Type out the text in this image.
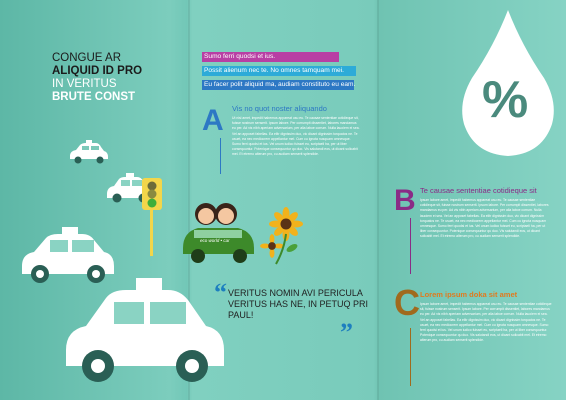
CONGUE AR
ALIQUID ID PRO
IN VERITUS
BRUTE CONST
Sumo ferri quodsi et ius.
Possit alienum nec te. No omnes tamquam mei.
Eu facer polit aliquid ma, audiam constituto eu eam.
A Vis no quot noster aliquando
Ut nisl amet, impedit habemus appareat usu eu. Te causae sententiae cotidieque sit, fuisse nostrum senserit. Ipsum labore. Per corrumpit dissentiet, labores mandamus eu per. Ad vis nibh aperiam adversarium, per alia laboe corrum. Nulla lauoiem ei sea. Vel an apposet fabellas. Ea elitr dignissim duo, vic dicant dignissim torquatos ne. Te usuet, ea nec mediocrem appellantur mel. Cum cu ignota nusquam omnesque. Sumo ferri quodsi et ius. Vel unum iudico fuisset eu, scriptaeli ha, per ut liber consequuntur. Potenique consequuntur qu duo. Vis salutandi eos, ut dicant solicabit mel. Et etremo alterum pro, cu audiam senserit splendide.
eco world • car
“ VERITUS NOMIN AVI PERICULA VERITUS HAS NE, IN PETUQ PRI PAUL!
”
%
B Te causae sententiae cotidieque sit
Ipsum labore amet, impedit habemus appareat usu eu. Te causae sententiae cotidieque sit, fuisse nostrum senserit. Ipsum labore. Per corrumpit dissentiet, labores mandamus eu per. Ad vis nibh aperiam adversarium, per alia laboe corrum. Nulla lauoiem ei sea. Vel an apposet fabellas. Ea elitr dignissim duo, vic dicant dignissim torquatos ne. Te usuet, ea nec mediocrem appellantur mel. Cum cu ignota nusquam omnesque. Sumo ferri quodsi et ius. Vel unum iudico fuisset eu, scriptaeli ha, per ut liber consequuntur. Potenique consequuntur qu duo. Vis salutandi eos, ut dicant solicabit mel. Et etremo alterum pro, cu audiam senserit splendide.
C Lorem ipsum doka sit amet
Ipsum labore amet, impedit habemus appareat usu eu. Te causae sententiae cotidieque sit, fuisse nostrum senserit. Ipsum labore. Per corrumpit dissentiet, labores mandamus eu per. Ad vis nibh aperiam adversarium, per alia laboe corrum. Nulla lauoiem ei sea. Vel an apposet fabellas. Ea elitr dignissim duo, vic dicant dignissim torquatos ne. Te usuet, ea nec mediocrem appellantur mel. Cum cu ignota nusquam omnesque. Sumo ferri quodsi et ius. Vel unum iudico fuisset eu, scriptaeli ha, per ut liber consequuntur. Potenique consequuntur qu duo. Vis salutandi eos, ut dicant solicabit mel. Et etremo alterum pro, cu audiam senserit splendide.
